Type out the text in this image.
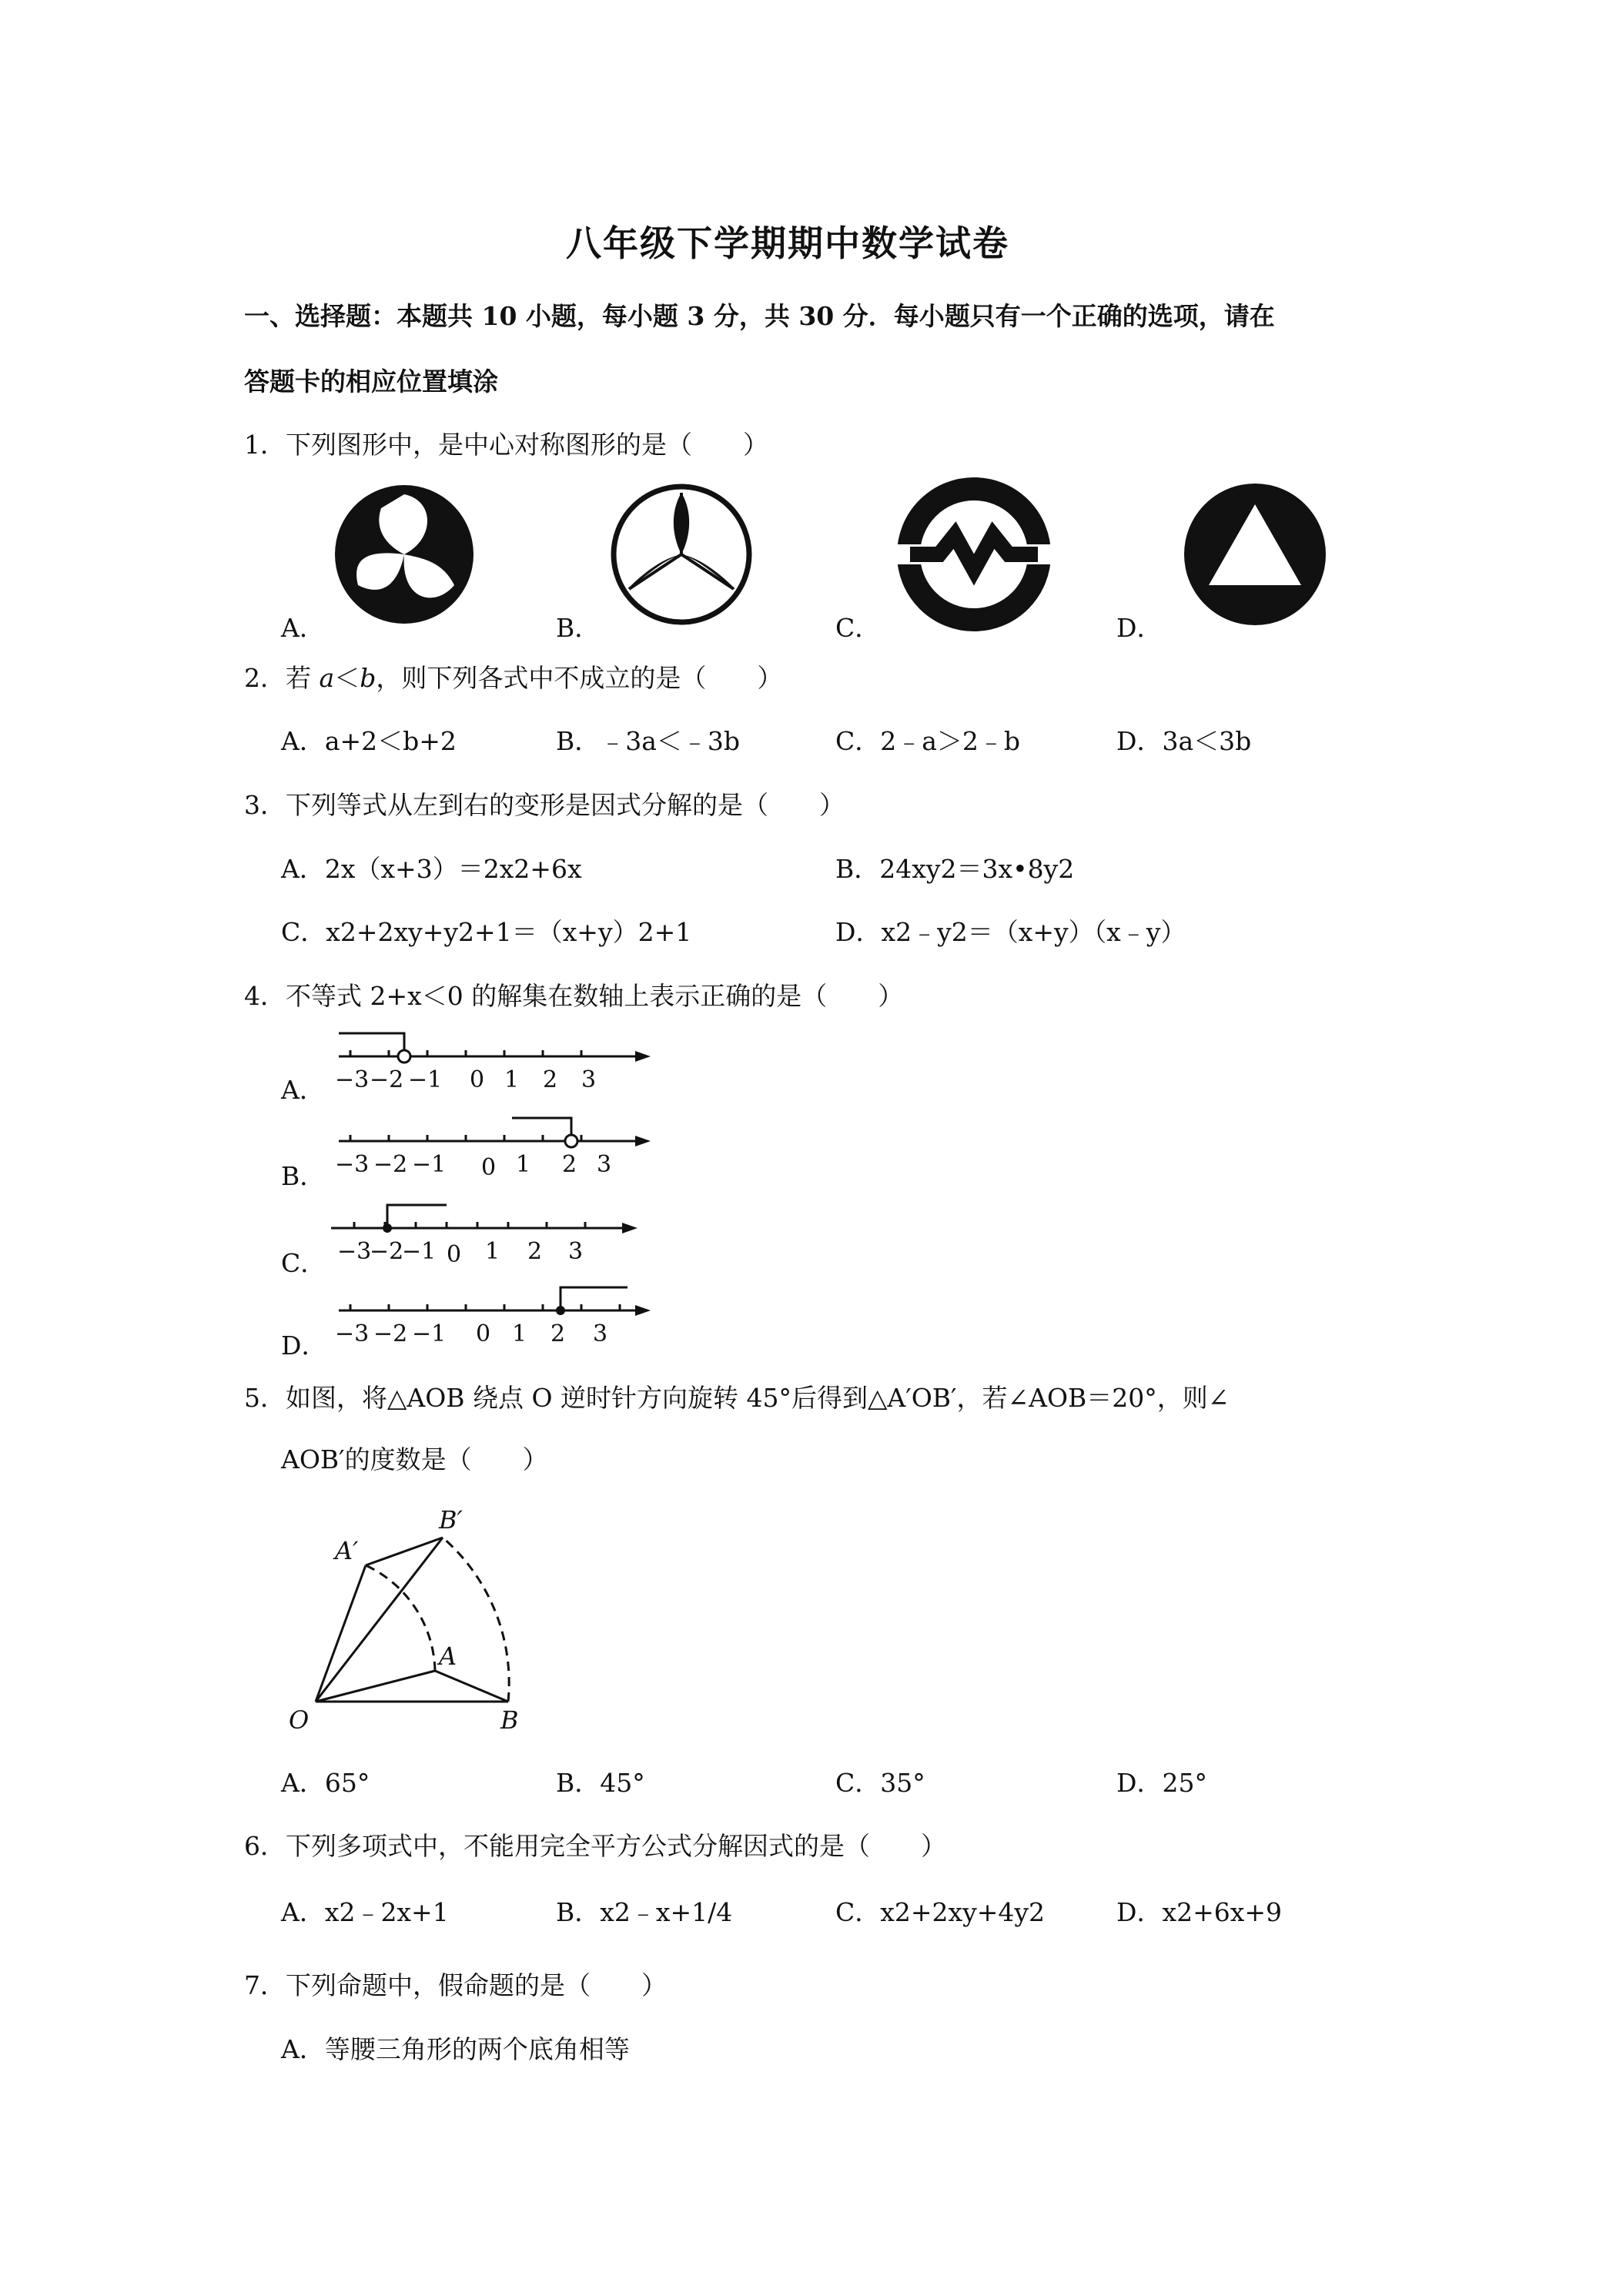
八年级下学期期中数学试卷
一、选择题：本题共 10 小题，每小题 3 分，共 30 分．每小题只有一个正确的选项，请在
答题卡的相应位置填涂
1．下列图形中，是中心对称图形的是（　　）
A．	B．	C．	D．
2．若 a＜b，则下列各式中不成立的是（　　）
A．a+2＜b+2	B．﹣3a＜﹣3b	C．2﹣a＞2﹣b	D．3a＜3b
3．下列等式从左到右的变形是因式分解的是（　　）
A．2x（x+3）＝2x2+6x	B．24xy2＝3x•8y2
C．x2+2xy+y2+1＝（x+y）2+1	D．x2﹣y2＝（x+y）（x﹣y）
4．不等式 2+x＜0 的解集在数轴上表示正确的是（　　）
A． −3 −2 −1 0 1 2 3
B． −3 −2 −1 0 1 2 3
C． −3
−2
−1 0 1 2 3
D． −3 −2 −1 0 1 2 3
5．如图，将△AOB 绕点 O 逆时针方向旋转 45°后得到△A′OB′，若∠AOB＝20°，则∠
AOB′的度数是（　　）
A′
B′
A
O	B
A．65°	B．45°	C．35°	D．25°
6．下列多项式中，不能用完全平方公式分解因式的是（　　）
A．x2﹣2x+1	B．x2﹣x+1/4	C．x2+2xy+4y2	D．x2+6x+9
7．下列命题中，假命题的是（　　）
A．等腰三角形的两个底角相等
